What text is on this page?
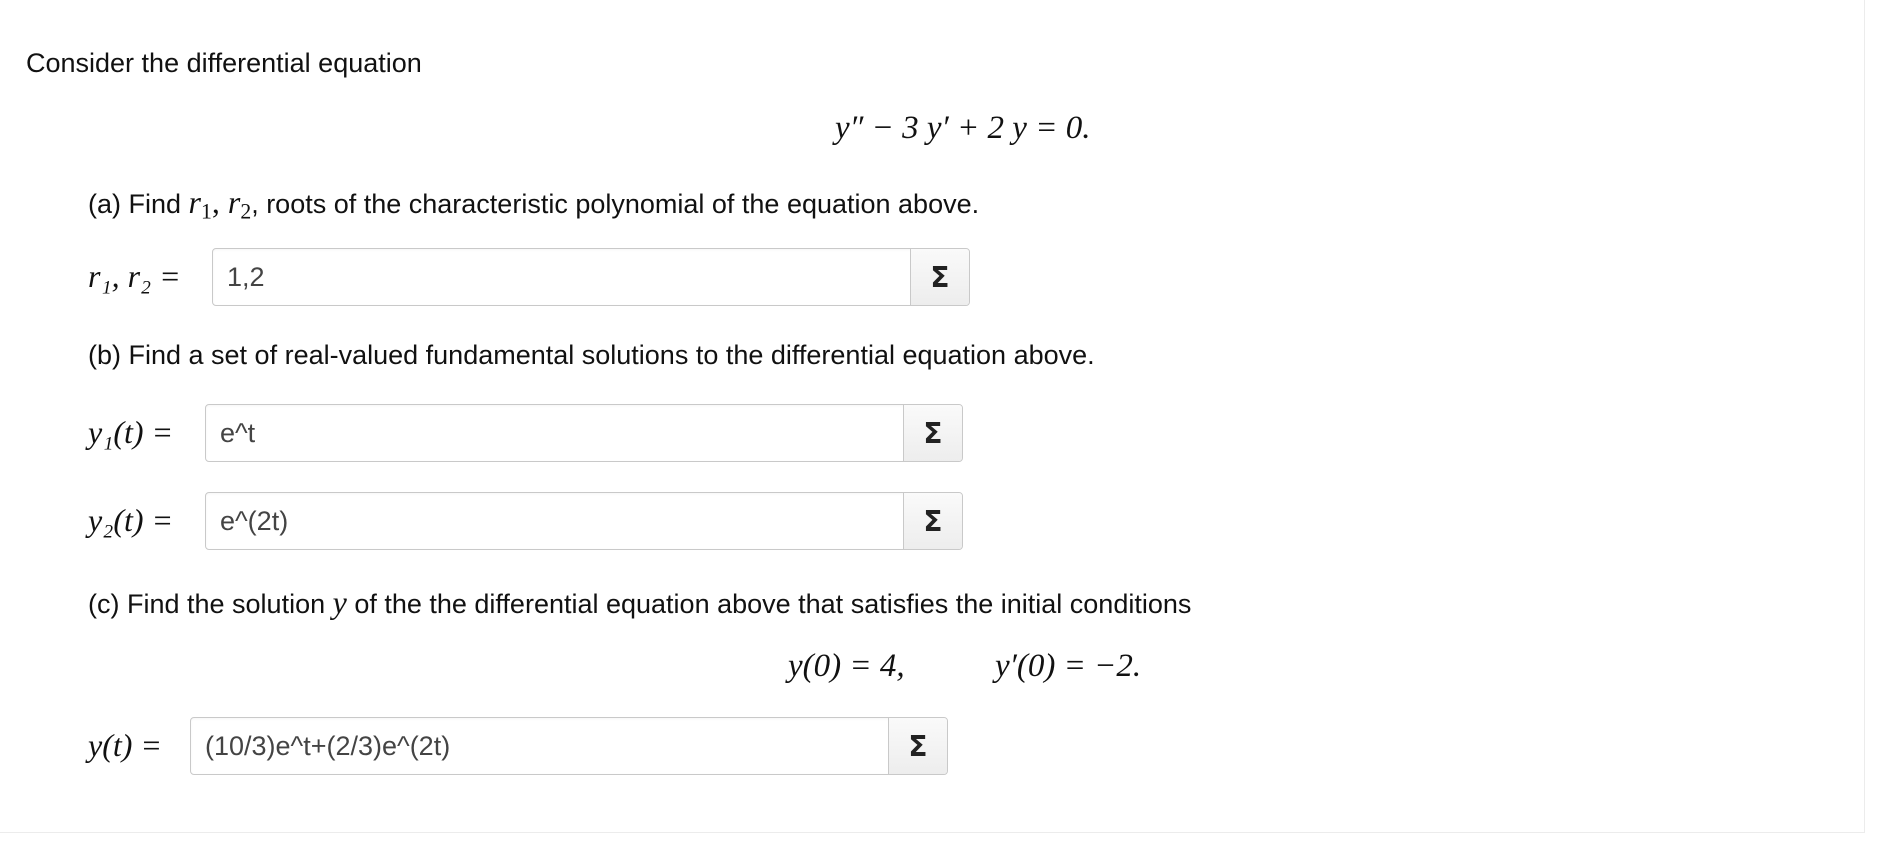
Consider the differential equation
y″ − 3 y′ + 2 y = 0.
(a) Find $r_1$, $r_2$, roots of the characteristic polynomial of the equation above.
r₁, r₂ =
1,2	Σ
(b) Find a set of real-valued fundamental solutions to the differential equation above.
y₁(t) =
e^t	Σ
y₂(t) =
e^(2t)	Σ
(c) Find the solution y of the the differential equation above that satisfies the initial conditions
y(0) = 4,	y′(0) = −2.
y(t) =
(10/3)e^t+(2/3)e^(2t)	Σ
